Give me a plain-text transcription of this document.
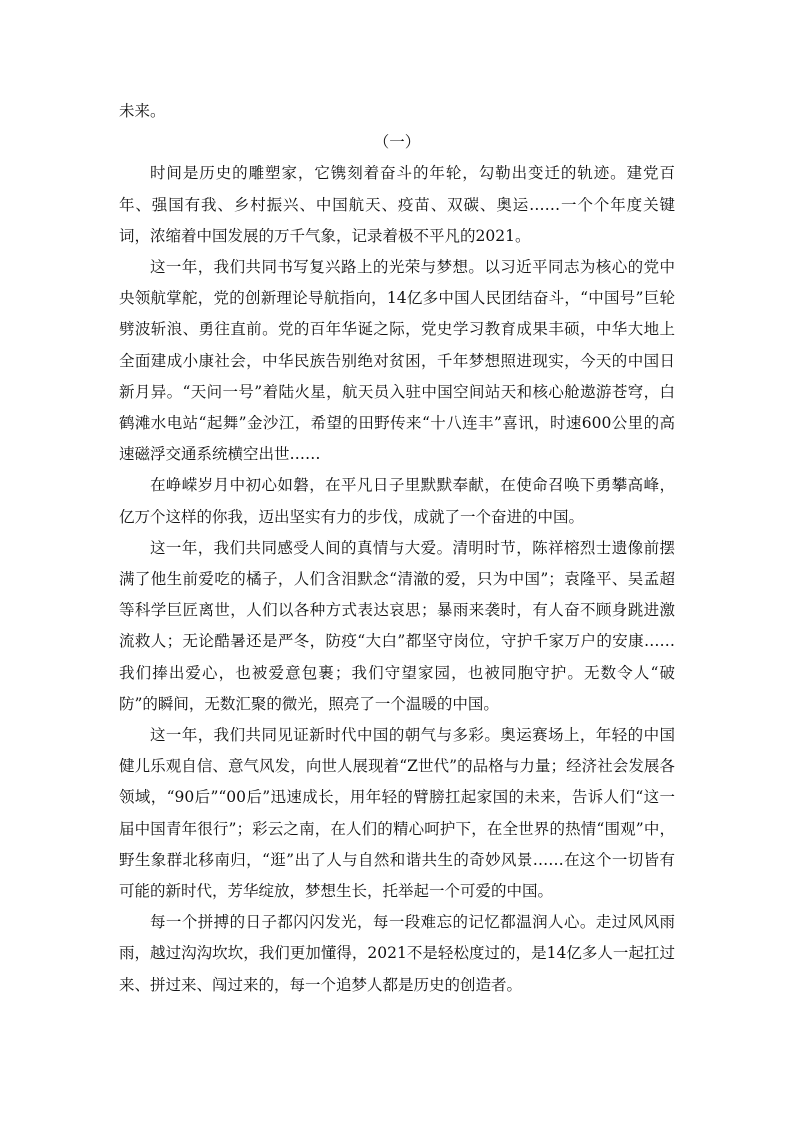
未来。

（一）

时间是历史的雕塑家，它镌刻着奋斗的年轮，勾勒出变迁的轨迹。建党百年、强国有我、乡村振兴、中国航天、疫苗、双碳、奥运……一个个年度关键词，浓缩着中国发展的万千气象，记录着极不平凡的2021。

这一年，我们共同书写复兴路上的光荣与梦想。以习近平同志为核心的党中央领航掌舵，党的创新理论导航指向，14亿多中国人民团结奋斗，“中国号”巨轮劈波斩浪、勇往直前。党的百年华诞之际，党史学习教育成果丰硕，中华大地上全面建成小康社会，中华民族告别绝对贫困，千年梦想照进现实，今天的中国日新月异。“天问一号”着陆火星，航天员入驻中国空间站天和核心舱遨游苍穹，白鹤滩水电站“起舞”金沙江，希望的田野传来“十八连丰”喜讯，时速600公里的高速磁浮交通系统横空出世……

在峥嵘岁月中初心如磐，在平凡日子里默默奉献，在使命召唤下勇攀高峰，亿万个这样的你我，迈出坚实有力的步伐，成就了一个奋进的中国。

这一年，我们共同感受人间的真情与大爱。清明时节，陈祥榕烈士遗像前摆满了他生前爱吃的橘子，人们含泪默念“清澈的爱，只为中国”；袁隆平、吴孟超等科学巨匠离世，人们以各种方式表达哀思；暴雨来袭时，有人奋不顾身跳进激流救人；无论酷暑还是严冬，防疫“大白”都坚守岗位，守护千家万户的安康……我们捧出爱心，也被爱意包裹；我们守望家园，也被同胞守护。无数令人“破防”的瞬间，无数汇聚的微光，照亮了一个温暖的中国。

这一年，我们共同见证新时代中国的朝气与多彩。奥运赛场上，年轻的中国健儿乐观自信、意气风发，向世人展现着“Z世代”的品格与力量；经济社会发展各领域，“90后”“00后”迅速成长，用年轻的臂膀扛起家国的未来，告诉人们“这一届中国青年很行”；彩云之南，在人们的精心呵护下，在全世界的热情“围观”中，野生象群北移南归，“逛”出了人与自然和谐共生的奇妙风景……在这个一切皆有可能的新时代，芳华绽放，梦想生长，托举起一个可爱的中国。

每一个拼搏的日子都闪闪发光，每一段难忘的记忆都温润人心。走过风风雨雨，越过沟沟坎坎，我们更加懂得，2021不是轻松度过的，是14亿多人一起扛过来、拼过来、闯过来的，每一个追梦人都是历史的创造者。
